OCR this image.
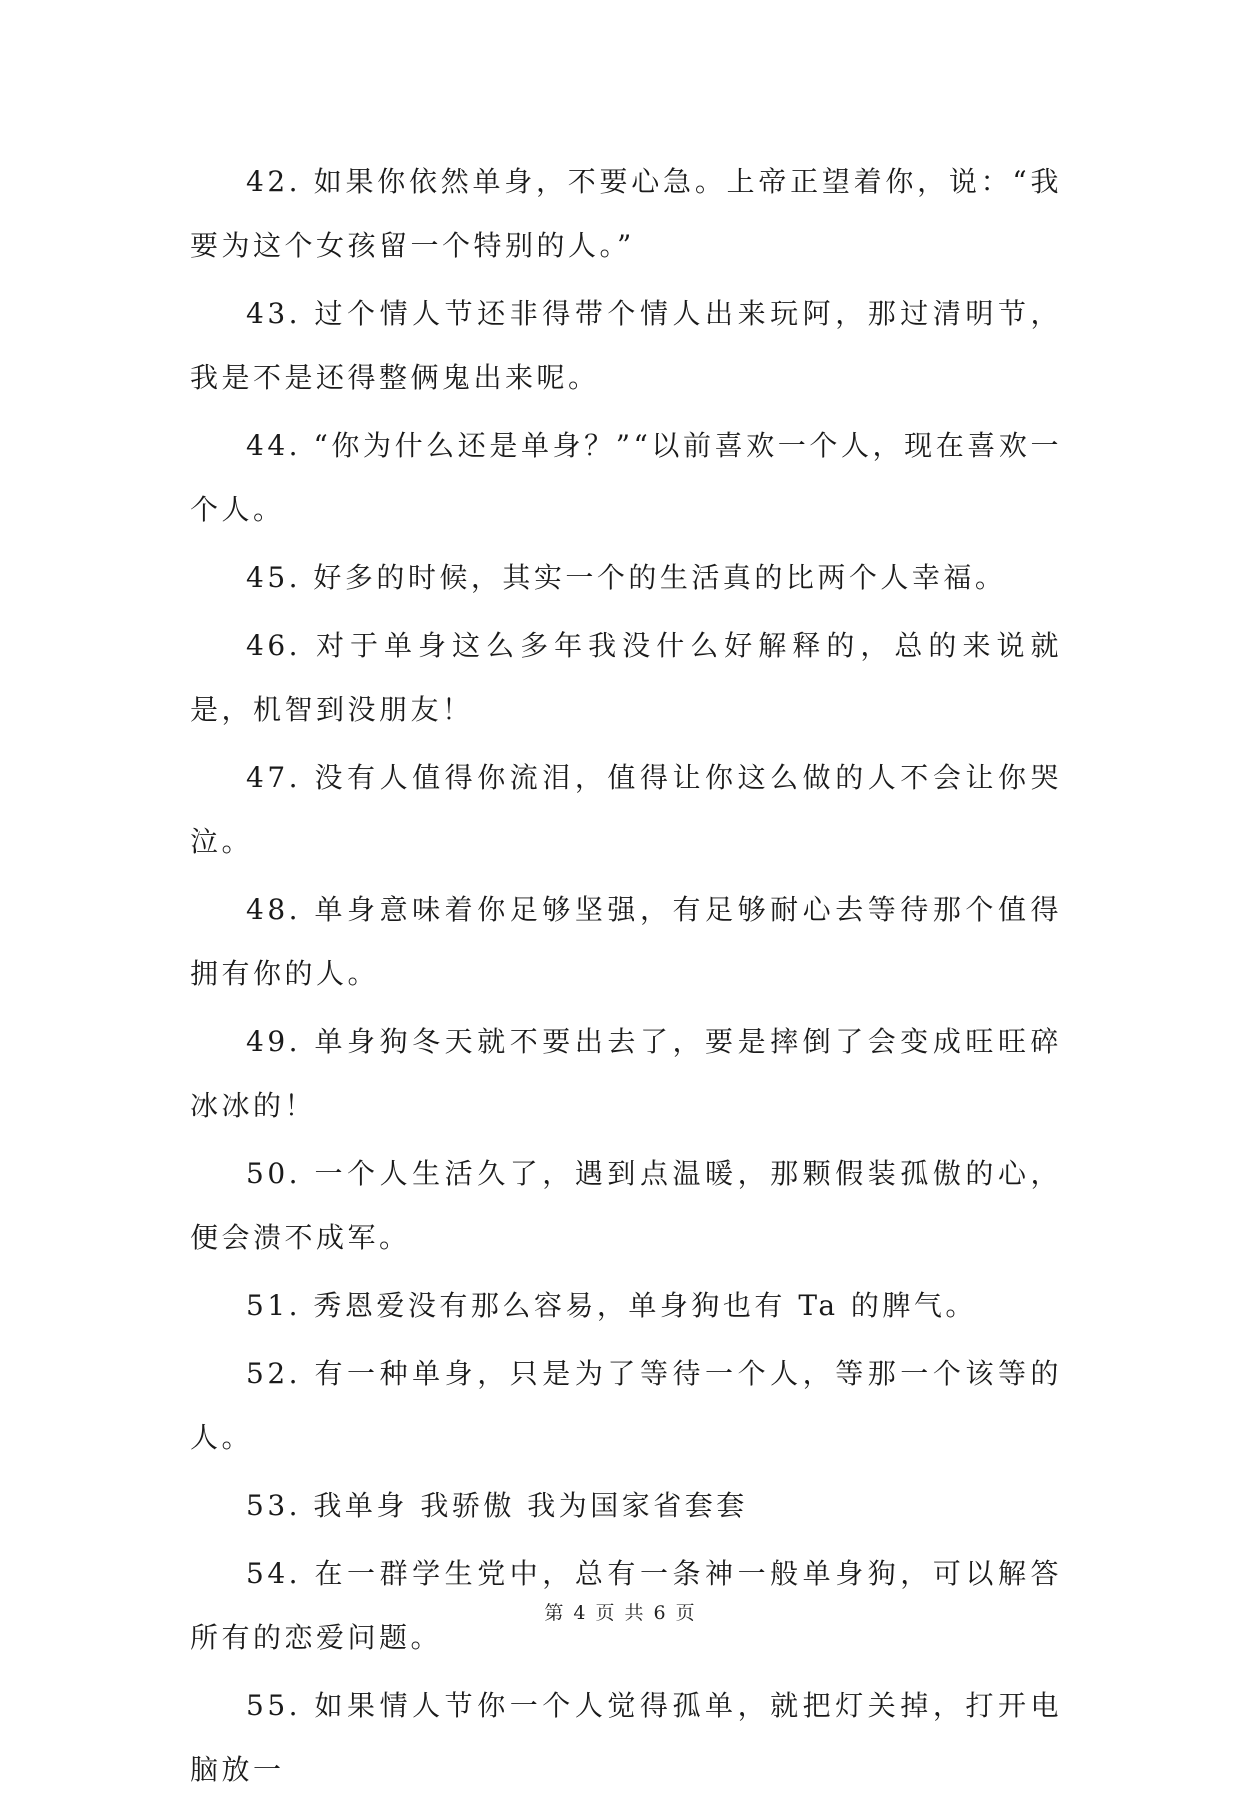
42. 如果你依然单身，不要心急。上帝正望着你，说：“我要为这个女孩留一个特别的人。”

43. 过个情人节还非得带个情人出来玩阿，那过清明节，我是不是还得整俩鬼出来呢。

44. “你为什么还是单身？”“以前喜欢一个人，现在喜欢一个人。

45. 好多的时候，其实一个的生活真的比两个人幸福。

46. 对于单身这么多年我没什么好解释的，总的来说就是，机智到没朋友！

47. 没有人值得你流泪，值得让你这么做的人不会让你哭泣。

48. 单身意味着你足够坚强，有足够耐心去等待那个值得拥有你的人。

49. 单身狗冬天就不要出去了，要是摔倒了会变成旺旺碎冰冰的！

50. 一个人生活久了，遇到点温暖，那颗假装孤傲的心，便会溃不成军。

51. 秀恩爱没有那么容易，单身狗也有 Ta 的脾气。

52. 有一种单身，只是为了等待一个人，等那一个该等的人。

53. 我单身 我骄傲 我为国家省套套

54. 在一群学生党中，总有一条神一般单身狗，可以解答所有的恋爱问题。

55. 如果情人节你一个人觉得孤单，就把灯关掉，打开电脑放一

第 4 页 共 6 页
